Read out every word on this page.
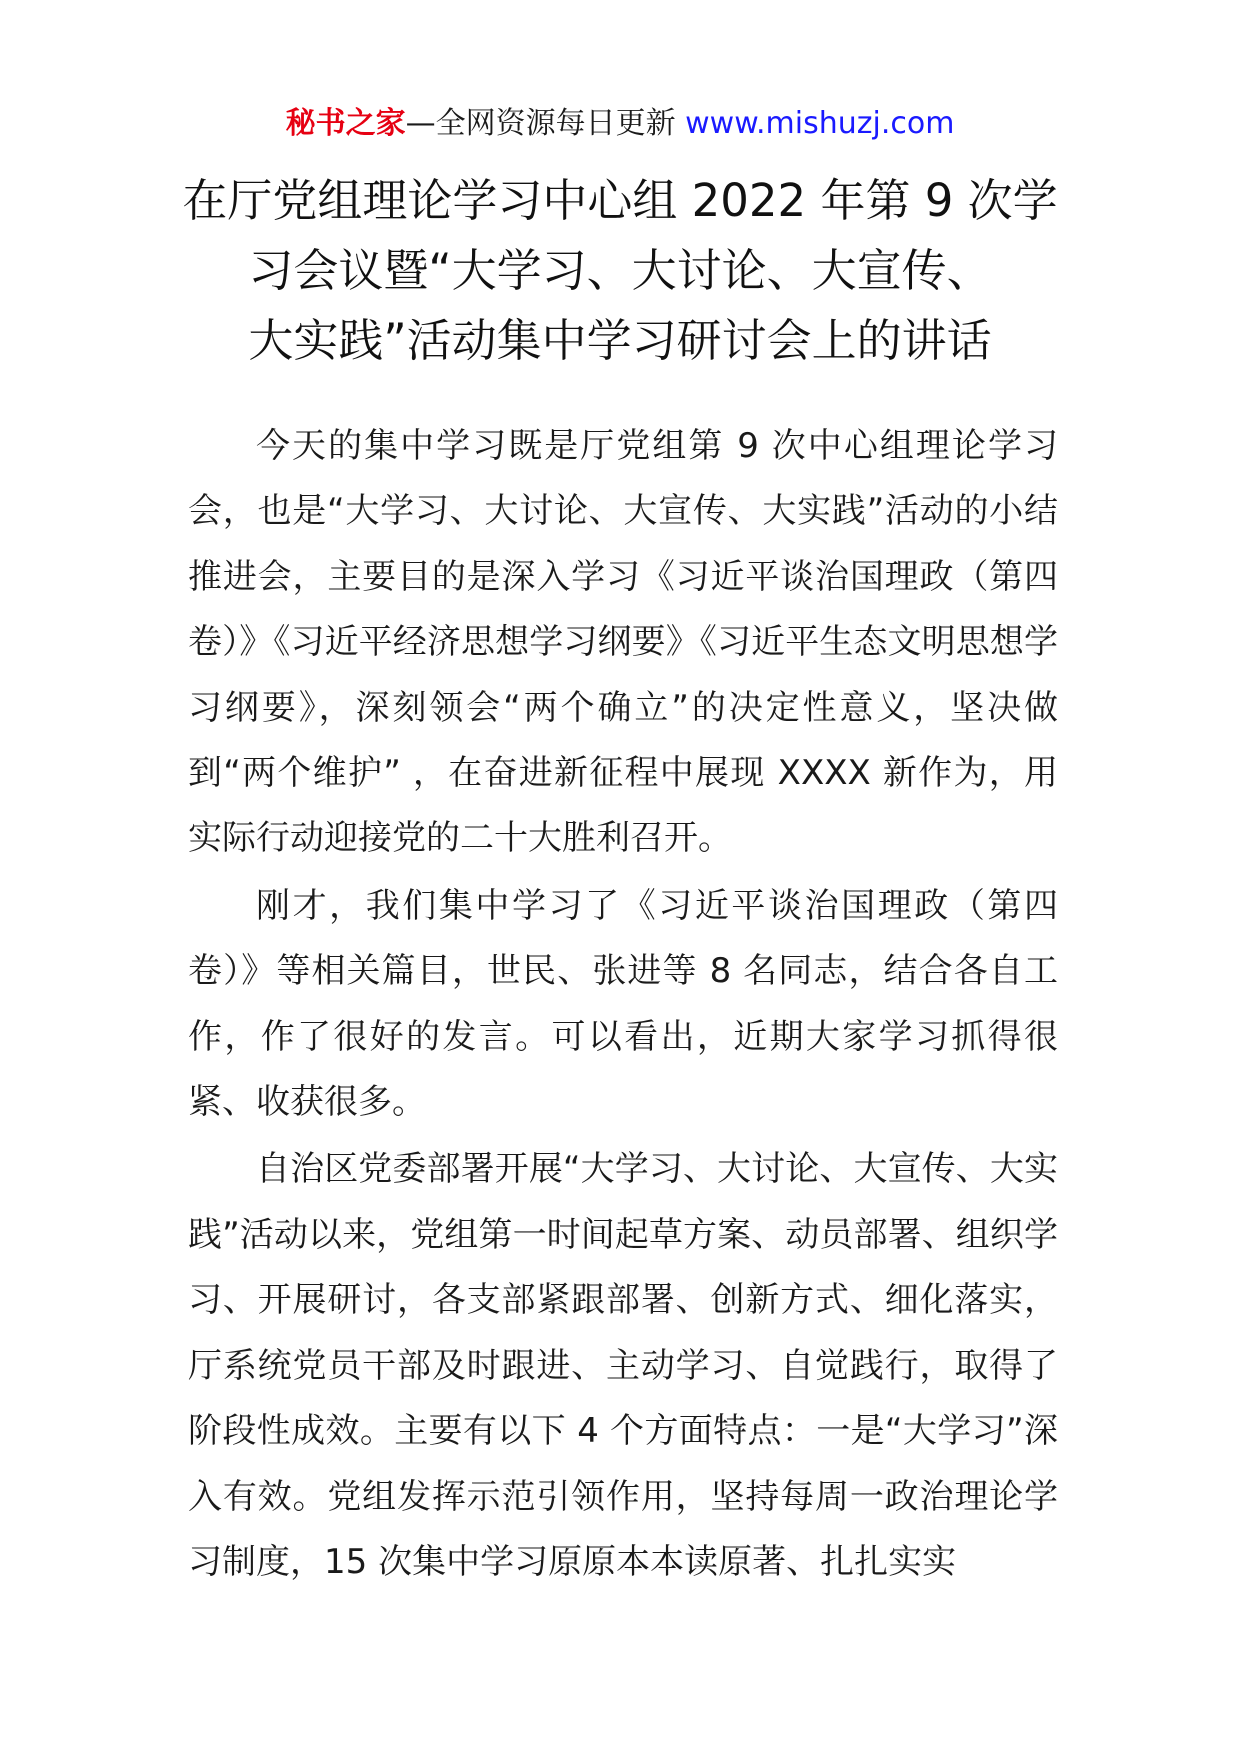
秘书之家—全网资源每日更新 www.mishuzj.com
在厅党组理论学习中心组 2022 年第 9 次学
习会议暨“大学习、大讨论、大宣传、
大实践”活动集中学习研讨会上的讲话

今天的集中学习既是厅党组第 9 次中心组理论学习会，也是“大学习、大讨论、大宣传、大实践”活动的小结推进会，主要目的是深入学习《习近平谈治国理政（第四卷）》《习近平经济思想学习纲要》《习近平生态文明思想学习纲要》，深刻领会“两个确立”的决定性意义，坚决做到“两个维护” ，在奋进新征程中展现 XXXX 新作为，用实际行动迎接党的二十大胜利召开。

刚才，我们集中学习了《习近平谈治国理政（第四卷）》等相关篇目，世民、张进等 8 名同志，结合各自工作，作了很好的发言。可以看出，近期大家学习抓得很紧、收获很多。

自治区党委部署开展“大学习、大讨论、大宣传、大实践”活动以来，党组第一时间起草方案、动员部署、组织学习、开展研讨，各支部紧跟部署、创新方式、细化落实，厅系统党员干部及时跟进、主动学习、自觉践行，取得了阶段性成效。主要有以下 4 个方面特点：一是“大学习”深入有效。党组发挥示范引领作用，坚持每周一政治理论学习制度，15 次集中学习原原本本读原著、扎扎实实
